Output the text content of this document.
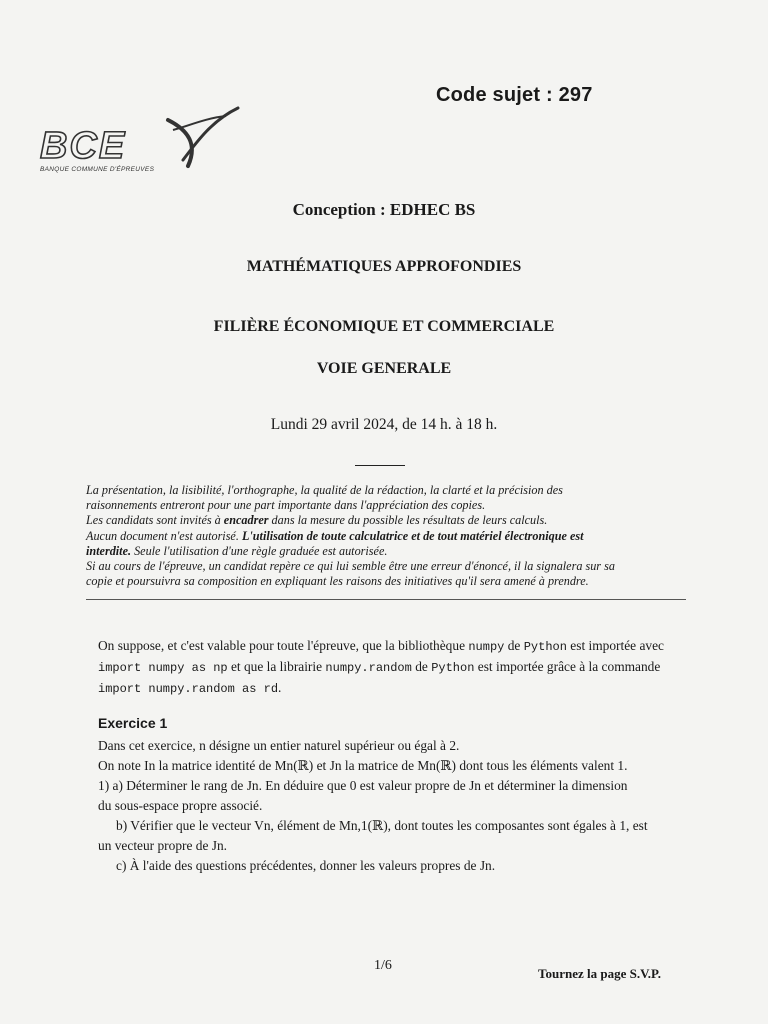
Code sujet : 297
BCE
BANQUE COMMUNE D'ÉPREUVES
Conception : EDHEC BS
MATHÉMATIQUES APPROFONDIES
FILIÈRE ÉCONOMIQUE ET COMMERCIALE
VOIE GENERALE
Lundi 29 avril 2024, de 14 h. à 18 h.
La présentation, la lisibilité, l'orthographe, la qualité de la rédaction, la clarté et la précision des
raisonnements entreront pour une part importante dans l'appréciation des copies.
Les candidats sont invités à encadrer dans la mesure du possible les résultats de leurs calculs.
Aucun document n'est autorisé. L'utilisation de toute calculatrice et de tout matériel électronique est
interdite. Seule l'utilisation d'une règle graduée est autorisée.
Si au cours de l'épreuve, un candidat repère ce qui lui semble être une erreur d'énoncé, il la signalera sur sa
copie et poursuivra sa composition en expliquant les raisons des initiatives qu'il sera amené à prendre.
On suppose, et c'est valable pour toute l'épreuve, que la bibliothèque numpy de Python est importée avec import numpy as np et que la librairie numpy.random de Python est importée grâce à la commande import numpy.random as rd.
Exercice 1
Dans cet exercice, n désigne un entier naturel supérieur ou égal à 2.
On note In la matrice identité de Mn(ℝ) et Jn la matrice de Mn(ℝ) dont tous les éléments valent 1.
1) a) Déterminer le rang de Jn. En déduire que 0 est valeur propre de Jn et déterminer la dimension
du sous-espace propre associé.
b) Vérifier que le vecteur Vn, élément de Mn,1(ℝ), dont toutes les composantes sont égales à 1, est
un vecteur propre de Jn.
c) À l'aide des questions précédentes, donner les valeurs propres de Jn.
1/6
Tournez la page S.V.P.
